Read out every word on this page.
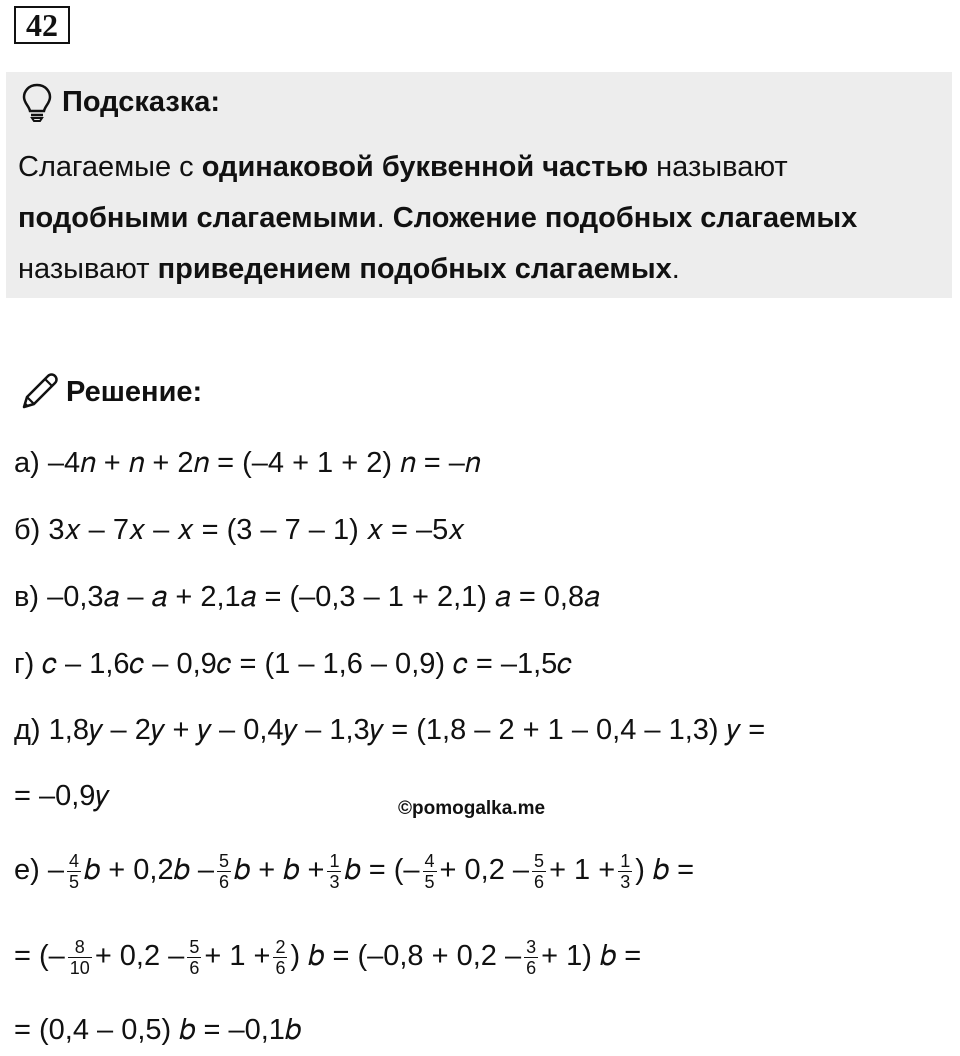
42
Подсказка:

Слагаемые с одинаковой буквенной частью называют
подобными слагаемыми. Сложение подобных слагаемых называют приведением подобных слагаемых.

Решение:
а) –4𝑛 + 𝑛 + 2𝑛 = (–4 + 1 + 2) 𝑛 = –𝑛
б) 3𝑥 – 7𝑥 – 𝑥 = (3 – 7 – 1) 𝑥 = –5𝑥
в) –0,3𝑎 – 𝑎 + 2,1𝑎 = (–0,3 – 1 + 2,1) 𝑎 = 0,8𝑎
г) 𝑐 – 1,6𝑐 – 0,9𝑐 = (1 – 1,6 – 0,9) 𝑐 = –1,5𝑐
д) 1,8𝑦 – 2𝑦 + 𝑦 – 0,4𝑦 – 1,3𝑦 = (1,8 – 2 + 1 – 0,4 – 1,3) 𝑦 =
= –0,9𝑦	©pomogalka.me
$е) - \frac{4}{5}$ 𝑏 + 0,2𝑏 – $\frac{5}{6}$ 𝑏 + 𝑏 + $\frac{1}{3}$ 𝑏 = (– $\frac{4}{5} + 0,2 - \frac{5}{6} + 1 + \frac{1}{3}$ ) 𝑏 =
= (– $\frac{8}{10} + 0,2 - \frac{5}{6} + 1 + \frac{2}{6}$ ) 𝑏 = $(-0,8 + 0,2 - \frac{3}{6} + 1)$ 𝑏 =
= (0,4 – 0,5) 𝑏 = –0,1𝑏
